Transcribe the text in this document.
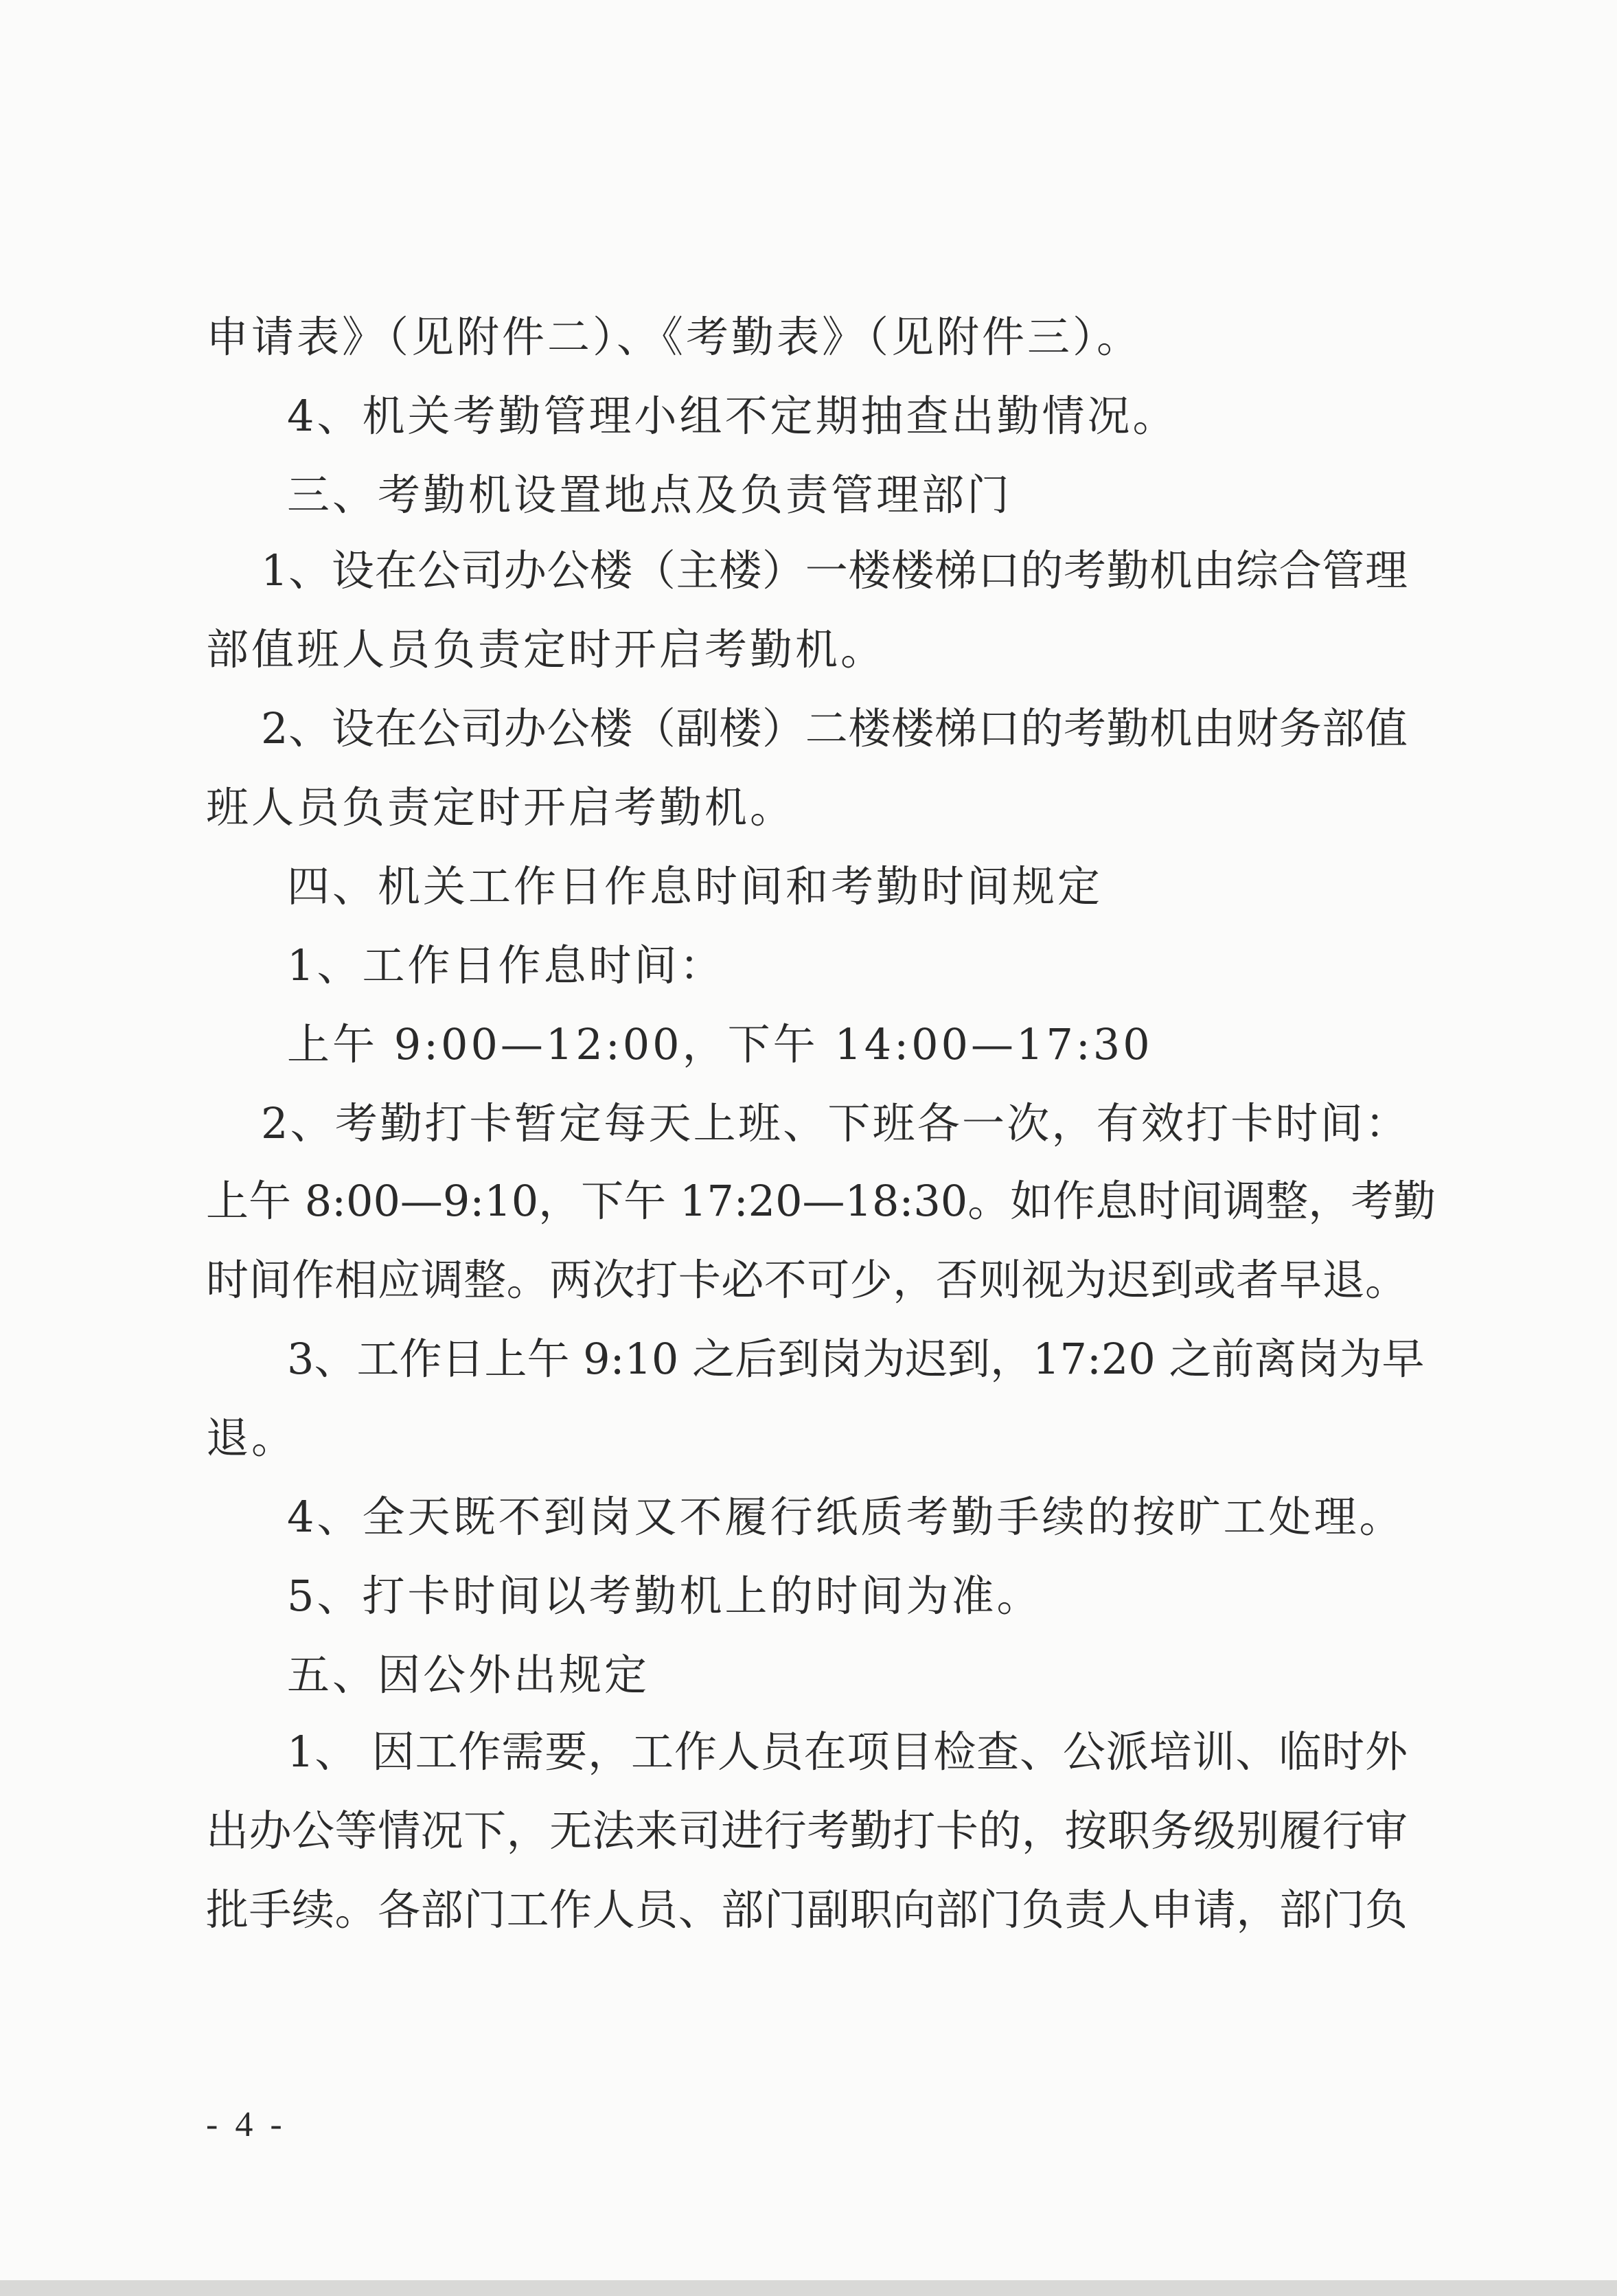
申请表》（见附件二）、《考勤表》（见附件三）。
4、机关考勤管理小组不定期抽查出勤情况。
三、考勤机设置地点及负责管理部门
1、设在公司办公楼（主楼）一楼楼梯口的考勤机由综合管理
部值班人员负责定时开启考勤机。
2、设在公司办公楼（副楼）二楼楼梯口的考勤机由财务部值
班人员负责定时开启考勤机。
四、机关工作日作息时间和考勤时间规定
1、工作日作息时间：
上午 9:00—12:00，下午 14:00—17:30
2、考勤打卡暂定每天上班、下班各一次，有效打卡时间：
上午 8:00—9:10，下午 17:20—18:30。如作息时间调整，考勤
时间作相应调整。两次打卡必不可少，否则视为迟到或者早退。
3、工作日上午 9:10 之后到岗为迟到，17:20 之前离岗为早
退。
4、全天既不到岗又不履行纸质考勤手续的按旷工处理。
5、打卡时间以考勤机上的时间为准。
五、因公外出规定
1、 因工作需要，工作人员在项目检查、公派培训、临时外
出办公等情况下，无法来司进行考勤打卡的，按职务级别履行审
批手续。各部门工作人员、部门副职向部门负责人申请，部门负
- 4 -
